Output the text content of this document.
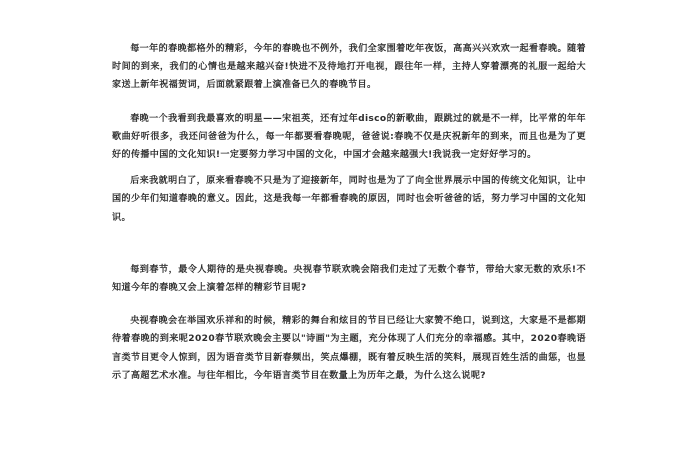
每一年的春晚都格外的精彩，今年的春晚也不例外，我们全家围着吃年夜饭，高高兴兴欢欢一起看春晚。随着时间的到来，我们的心情也是越来越兴奋!快进不及待地打开电视，跟往年一样，主持人穿着漂亮的礼服一起给大家送上新年祝福贺词，后面就紧跟着上演准备已久的春晚节目。

春晚一个我看到我最喜欢的明星——宋祖英，还有过年disco的新歌曲，跟跳过的就是不一样，比平常的年年歌曲好听很多，我还问爸爸为什么，每一年都要看春晚呢，爸爸说:春晚不仅是庆祝新年的到来，而且也是为了更好的传播中国的文化知识!一定要努力学习中国的文化，中国才会越来越强大!我说我一定好好学习的。

后来我就明白了，原来看春晚不只是为了迎接新年，同时也是为了了向全世界展示中国的传统文化知识，让中国的少年们知道春晚的意义。因此，这是我每一年都看春晚的原因，同时也会听爸爸的话，努力学习中国的文化知识。

每到春节，最令人期待的是央视春晚。央视春节联欢晚会陪我们走过了无数个春节，带给大家无数的欢乐!不知道今年的春晚又会上演着怎样的精彩节目呢?

央视春晚会在举国欢乐祥和的时候，精彩的舞台和炫目的节目已经让大家赞不绝口，说到这，大家是不是都期待着春晚的到来呢2020春节联欢晚会主要以"诗画"为主题，充分体现了人们充分的幸福感。其中，2020春晚语言类节目更令人惊到，因为语音类节目新春频出，笑点爆棚，既有着反映生活的笑料，展现百姓生活的曲惩，也显示了高超艺术水准。与往年相比，今年语言类节目在数量上为历年之最，为什么这么说呢?
